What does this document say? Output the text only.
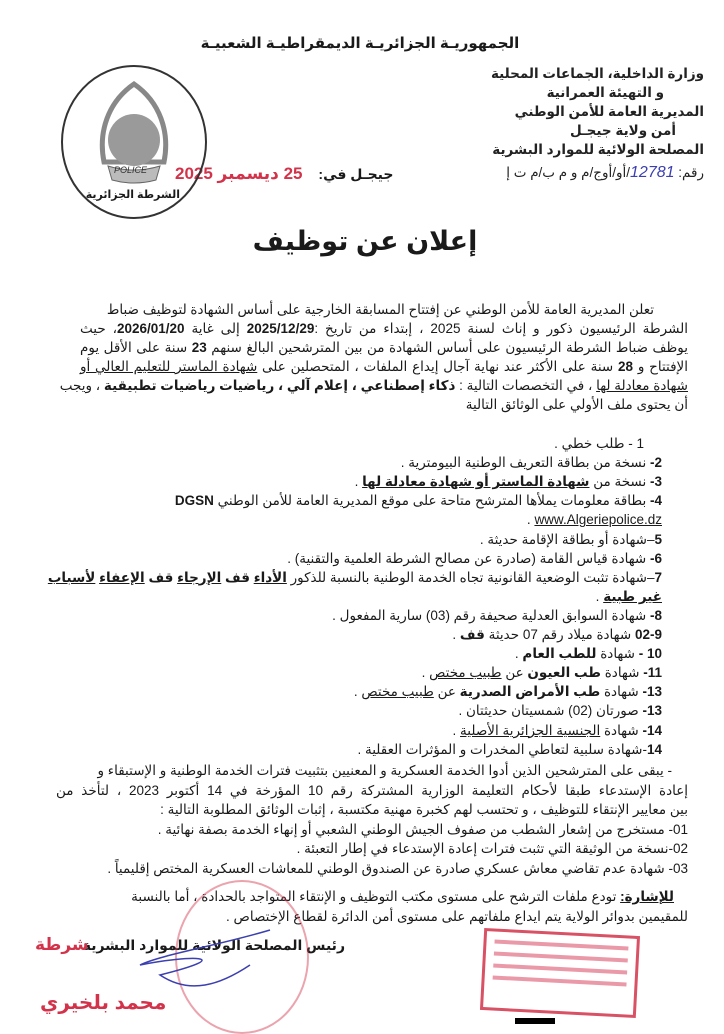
الجمهوريـة الجزائريـة الديمقراطيـة الشعبيـة
وزارة الداخلية، الجماعات المحلية
و التهيئة العمرانية
المديرية العامة للأمن الوطني
أمن ولاية جيجـل
المصلحة الولائية للموارد البشرية
رقم: 12781/أو/أوج/م و م ب/م ت إ
جيجـل في: 25 ديسمبر 2025
POLICE
الشرطة الجزائرية
إعلان عن توظيف
تعلن المديرية العامة للأمن الوطني عن إفتتاح المسابقة الخارجية على أساس الشهادة لتوظيف ضباط
الشرطة الرئيسيون ذكور و إناث لسنة 2025 ، إبتداء من تاريخ :2025/12/29 إلى غاية 2026/01/20، حيث
يوظف ضباط الشرطة الرئيسيون على أساس الشهادة من بين المترشحين البالغ سنهم 23 سنة على الأقل يوم
الإفتتاح و 28 سنة على الأكثر عند نهاية آجال إيداع الملفات ، المتحصلين على شهادة الماستر للتعليم العالي أو
شهادة معادلة لها ، في التخصصات التالية : ذكاء إصطناعي ، إعلام آلي ، رياضيات رياضيات تطبيقية ، ويجب
أن يحتوى ملف الأولي على الوثائق التالية
1 - طلب خطي .
2- نسخة من بطاقة التعريف الوطنية البيومترية .
3- نسخة من شهادة الماستر أو شهادة معادلة لها .
4- بطاقة معلومات يملأها المترشح متاحة على موقع المديرية العامة للأمن الوطني DGSN
www.Algeriepolice.dz .
5–شهادة أو بطاقة الإقامة حديثة .
6- شهادة قياس القامة (صادرة عن مصالح الشرطة العلمية والتقنية) .
7–شهادة تثبت الوضعية القانونية تجاه الخدمة الوطنية بالنسبة للذكور الأداء قف الإرجاء قف الإعفاء لأسباب
غير طبية .
8- شهادة السوابق العدلية صحيفة رقم (03) سارية المفعول .
02-9 شهادة ميلاد رقم 07 حديثة قف .
10 - شهادة للطب العام .
11- شهادة طب العيون عن طبيب مختص .
13- شهادة طب الأمراض الصدرية عن طبيب مختص .
13- صورتان (02) شمسيتان حديثتان .
14- شهادة الجنسية الجزائرية الأصلية .
14-شهادة سلبية لتعاطي المخدرات و المؤثرات العقلية .
- يبقى على المترشحين الذين أدوا الخدمة العسكرية و المعنيين بتثبيت فترات الخدمة الوطنية و الإستبقاء و
إعادة الإستدعاء طبقا لأحكام التعليمة الوزارية المشتركة رقم 10 المؤرخة في 14 أكتوبر 2023 ، لتأخذ من
بين معايير الإنتقاء للتوظيف ، و تحتسب لهم كخبرة مهنية مكتسبة ، إثبات الوثائق المطلوبة التالية :
01- مستخرج من إشعار الشطب من صفوف الجيش الوطني الشعبي أو إنهاء الخدمة بصفة نهائية .
02-نسخة من الوثيقة التي تثبت فترات إعادة الإستدعاء في إطار التعبئة .
03- شهادة عدم تقاضي معاش عسكري صادرة عن الصندوق الوطني للمعاشات العسكرية المختص إقليمياً .
للإشارة: تودع ملفات الترشح على مستوى مكتب التوظيف و الإنتقاء المتواجد بالحدادة ، أما بالنسبة
للمقيمين بدوائر الولاية يتم ايداع ملفاتهم على مستوى أمن الدائرة لقطاع الإختصاص .
رئيس المصلحة الولائية للموارد البشرية
شرطة
محمد بلخيري
